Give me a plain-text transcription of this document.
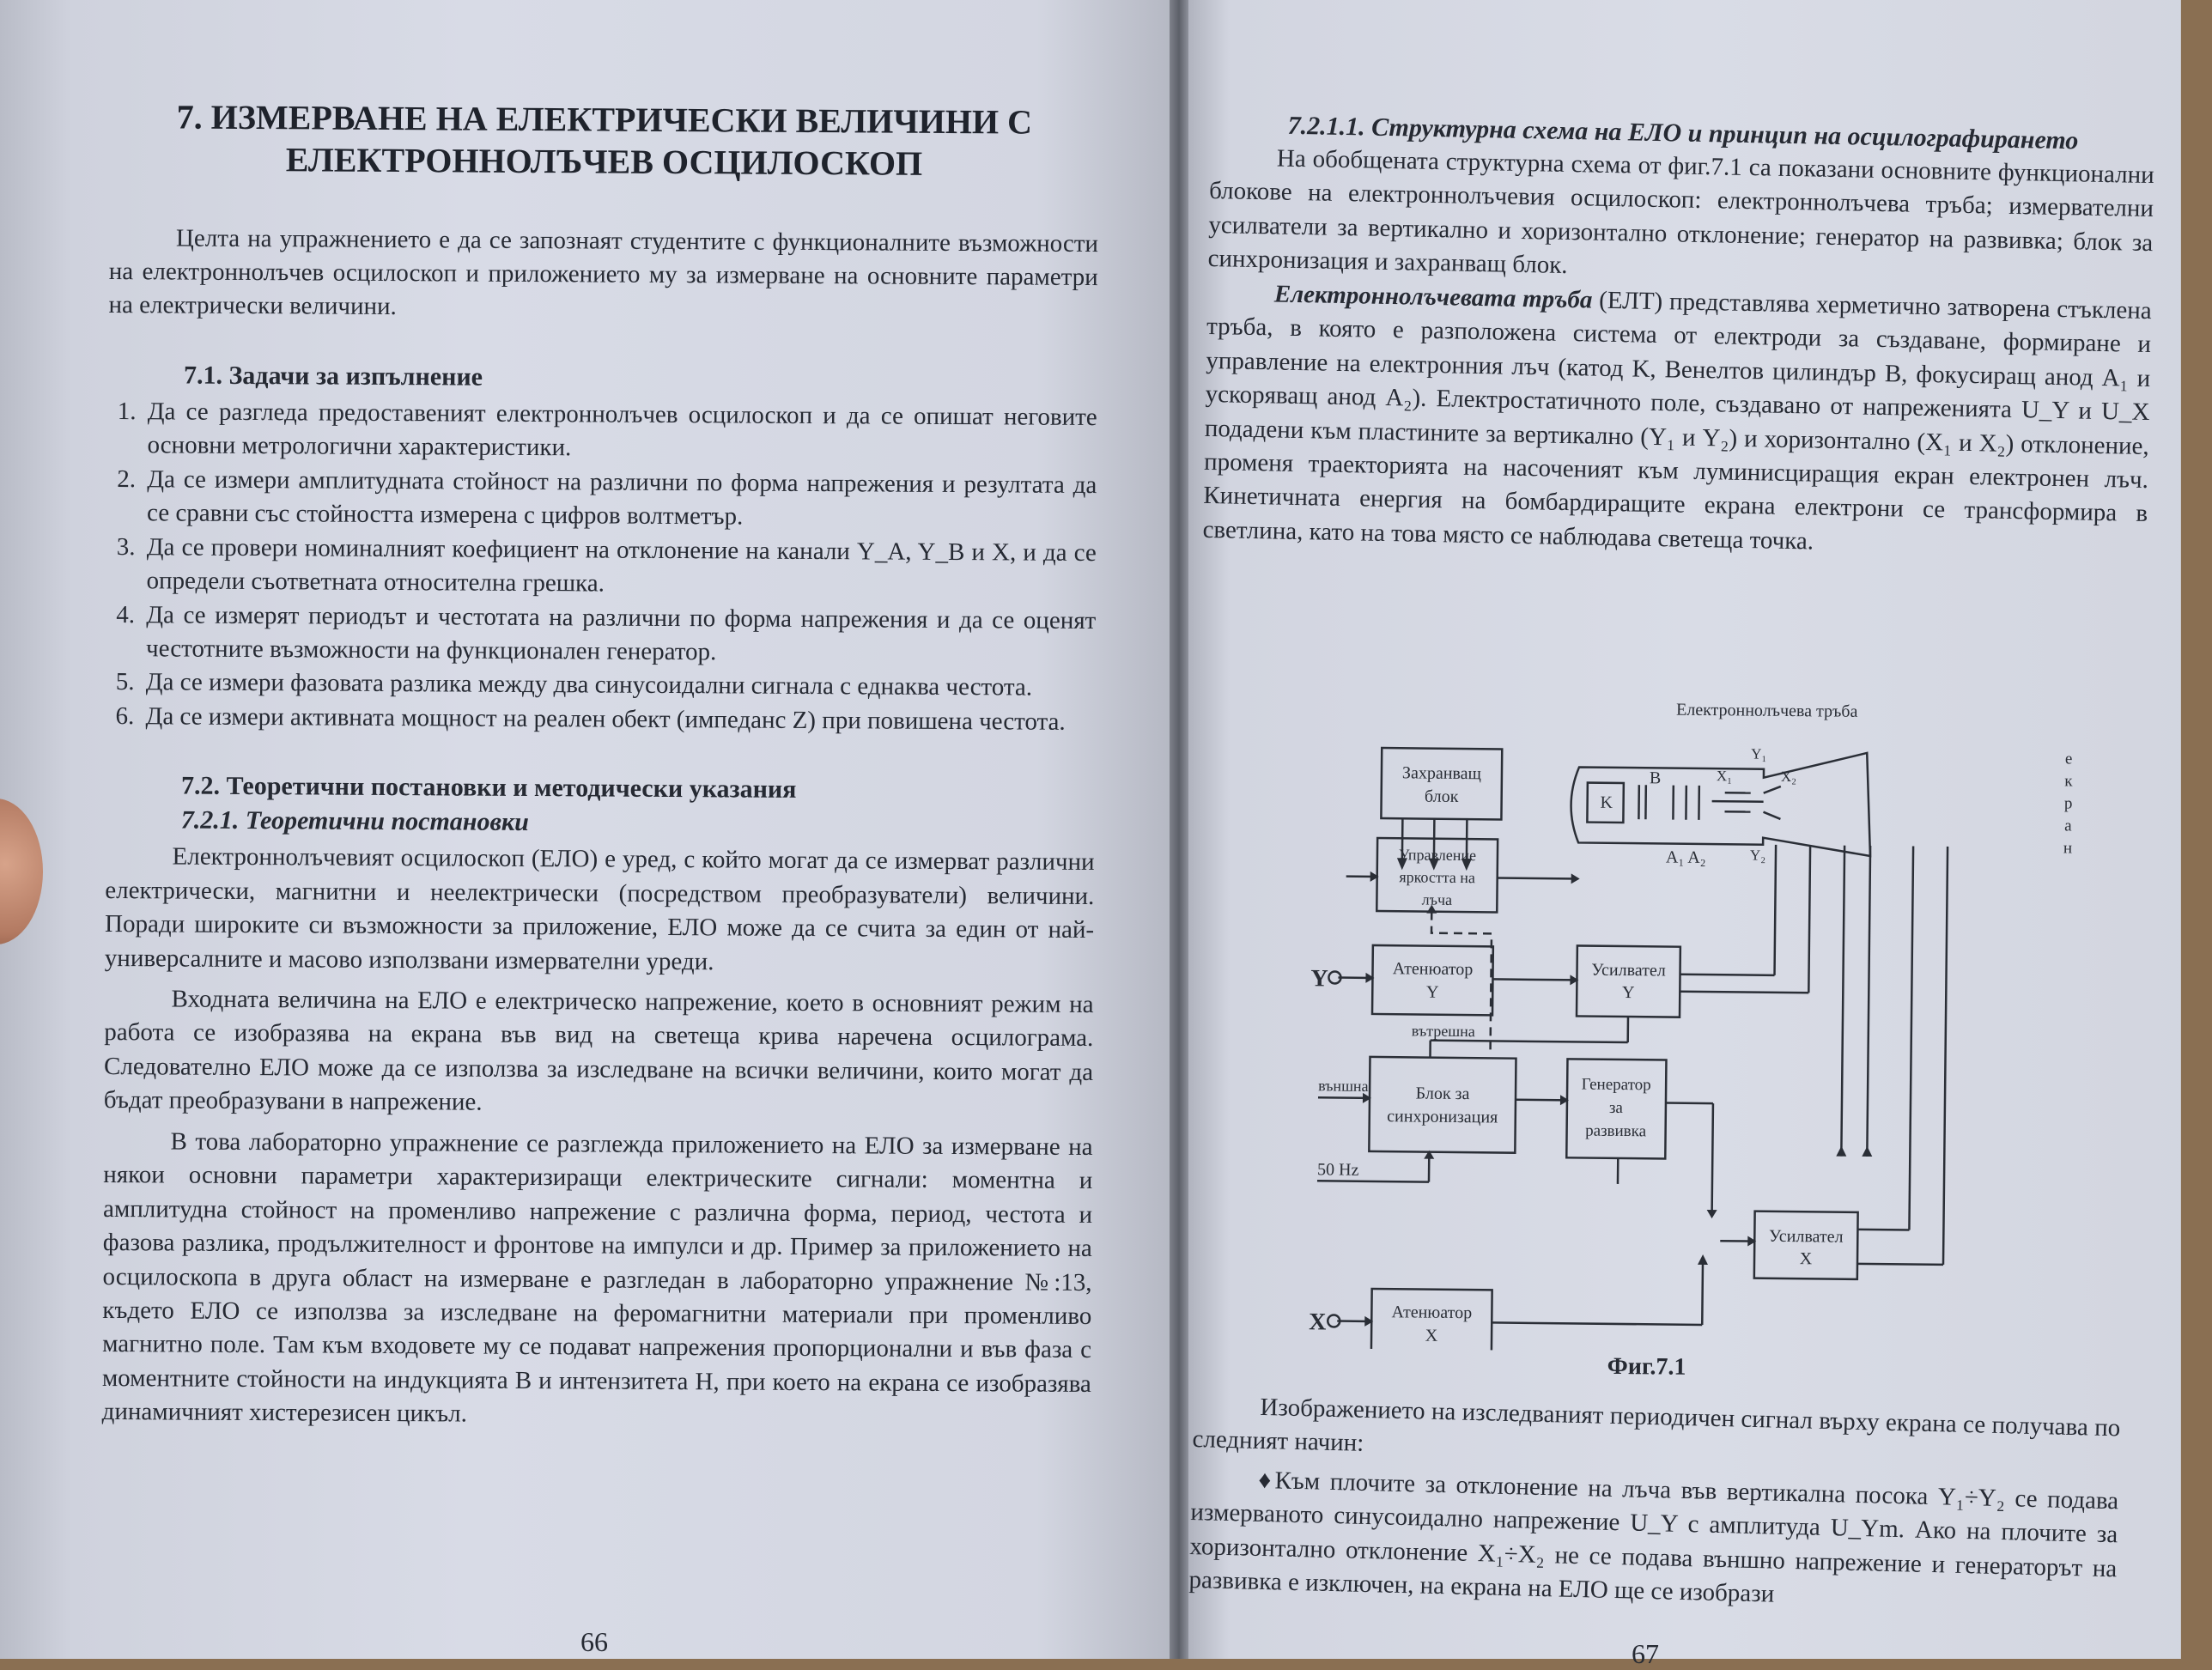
7. ИЗМЕРВАНЕ НА ЕЛЕКТРИЧЕСКИ ВЕЛИЧИНИ С
ЕЛЕКТРОННОЛЪЧЕВ ОСЦИЛОСКОП

Целта на упражнението е да се запознаят студентите с функционалните възможности на електроннолъчев осцилоскоп и приложението му за измерване на основните параметри на електрически величини.

7.1. Задачи за изпълнение
1. Да се разгледа предоставеният електроннолъчев осцилоскоп и да се опишат неговите основни метрологични характеристики.
2. Да се измери амплитудната стойност на различни по форма напрежения и резултата да се сравни със стойността измерена с цифров волтметър.
3. Да се провери номиналният коефициент на отклонение на канали Y_A, Y_B и X, и да се определи съответната относителна грешка.
4. Да се измерят периодът и честотата на различни по форма напрежения и да се оценят честотните възможности на функционален генератор.
5. Да се измери фазовата разлика между два синусоидални сигнала с еднаква честота.
6. Да се измери активната мощност на реален обект (импеданс Z) при повишена честота.
7.2. Теоретични постановки и методически указания
7.2.1. Теоретични постановки

Електроннолъчевият осцилоскоп (ЕЛО) е уред, с който могат да се измерват различни електрически, магнитни и неелектрически (посредством преобразуватели) величини. Поради широките си възможности за приложение, ЕЛО може да се счита за един от най-универсалните и масово използвани измервателни уреди.

Входната величина на ЕЛО е електрическо напрежение, което в основният режим на работа се изобразява на екрана във вид на светеща крива наречена осцилограма. Следователно ЕЛО може да се използва за изследване на всички величини, които могат да бъдат преобразувани в напрежение.

В това лабораторно упражнение се разглежда приложението на ЕЛО за измерване на някои основни параметри характеризиращи електрическите сигнали: моментна и амплитудна стойност на променливо напрежение с различна форма, период, честота и фазова разлика, продължителност и фронтове на импулси и др. Пример за приложението на осцилоскопа в друга област на измерване е разгледан в лабораторно упражнение №:13, където ЕЛО се използва за изследване на феромагнитни материали при променливо магнитно поле. Там към входовете му се подават напрежения пропорционални и във фаза с моментните стойности на индукцията B и интензитета H, при което на екрана се изобразява динамичният хистерезисен цикъл.

66
7.2.1.1. Структурна схема на ЕЛО и принцип на осцилографирането

На обобщената структурна схема от фиг.7.1 са показани основните функционални блокове на електроннолъчевия осцилоскоп: електроннолъчева тръба; измервателни усилватели за вертикално и хоризонтално отклонение; генератор на развивка; блок за синхронизация и захранващ блок.

Електроннолъчевата тръба (ЕЛТ) представлява херметично затворена стъклена тръба, в която е разположена система от електроди за създаване, формиране и управление на електронния лъч (катод K, Венелтов цилиндър B, фокусиращ анод A₁ и ускоряващ анод A₂). Електростатичното поле, създавано от напреженията U_Y и U_X подадени към пластините за вертикално (Y₁ и Y₂) и хоризонтално (X₁ и X₂) отклонение, променя траекторията на насоченият към луминисциращия екран електронен лъч. Кинетичната енергия на бомбардиращите екрана електрони се трансформира в светлина, като на това място се наблюдава светеща точка.

Електроннолъчева тръба
K
B
A₁ A₂
X₁	X₂
Y₁
Y₂
Захранващ
блок
Управление
яркостта на
лъча
Атенюатор
Y
Усилвател
Y
вътрешна
външна	Блок за
синхронизация
50 Hz
Генератор
за
развивка
Усилвател
X
Атенюатор
X
Y
X
е
к
р
а
н
Фиг.7.1

Изображението на изследваният периодичен сигнал върху екрана се получава по следният начин:

♦Към плочите за отклонение на лъча във вертикална посока Y₁÷Y₂ се подава измерваното синусоидално напрежение U_Y с амплитуда U_Ym. Ако на плочите за хоризонтално отклонение X₁÷X₂ не се подава външно напрежение и генераторът на развивка е изключен, на екрана на ЕЛО ще се изобрази

67
